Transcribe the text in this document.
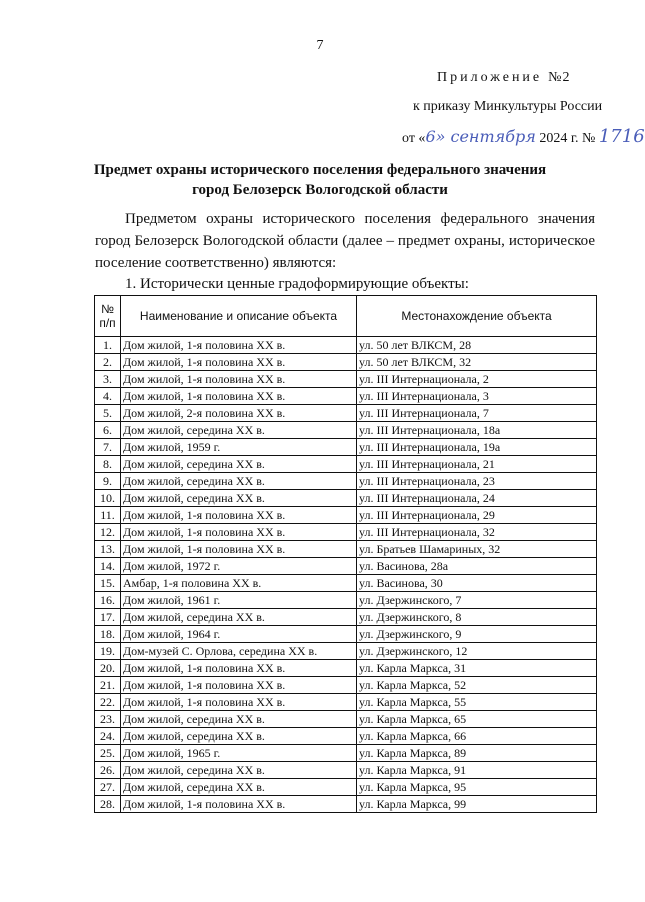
7
Приложение №2
к приказу Минкультуры России
от «6» сентября 2024 г. № 1716
Предмет охраны исторического поселения федерального значения
город Белозерск Вологодской области
Предметом охраны исторического поселения федерального значения город Белозерск Вологодской области (далее – предмет охраны, историческое поселение соответственно) являются:
1. Исторически ценные градоформирующие объекты:
№ п/п	Наименование и описание объекта	Местонахождение объекта
1.	Дом жилой, 1-я половина XX в.	ул. 50 лет ВЛКСМ, 28
2.	Дом жилой, 1-я половина XX в.	ул. 50 лет ВЛКСМ, 32
3.	Дом жилой, 1-я половина XX в.	ул. III Интернационала, 2
4.	Дом жилой, 1-я половина XX в.	ул. III Интернационала, 3
5.	Дом жилой, 2-я половина XX в.	ул. III Интернационала, 7
6.	Дом жилой, середина XX в.	ул. III Интернационала, 18а
7.	Дом жилой, 1959 г.	ул. III Интернационала, 19а
8.	Дом жилой, середина XX в.	ул. III Интернационала, 21
9.	Дом жилой, середина XX в.	ул. III Интернационала, 23
10.	Дом жилой, середина XX в.	ул. III Интернационала, 24
11.	Дом жилой, 1-я половина XX в.	ул. III Интернационала, 29
12.	Дом жилой, 1-я половина XX в.	ул. III Интернационала, 32
13.	Дом жилой, 1-я половина XX в.	ул. Братьев Шамариных, 32
14.	Дом жилой, 1972 г.	ул. Васинова, 28а
15.	Амбар, 1-я половина XX в.	ул. Васинова, 30
16.	Дом жилой, 1961 г.	ул. Дзержинского, 7
17.	Дом жилой, середина XX в.	ул. Дзержинского, 8
18.	Дом жилой, 1964 г.	ул. Дзержинского, 9
19.	Дом-музей С. Орлова, середина XX в.	ул. Дзержинского, 12
20.	Дом жилой, 1-я половина XX в.	ул. Карла Маркса, 31
21.	Дом жилой, 1-я половина XX в.	ул. Карла Маркса, 52
22.	Дом жилой, 1-я половина XX в.	ул. Карла Маркса, 55
23.	Дом жилой, середина XX в.	ул. Карла Маркса, 65
24.	Дом жилой, середина XX в.	ул. Карла Маркса, 66
25.	Дом жилой, 1965 г.	ул. Карла Маркса, 89
26.	Дом жилой, середина XX в.	ул. Карла Маркса, 91
27.	Дом жилой, середина XX в.	ул. Карла Маркса, 95
28.	Дом жилой, 1-я половина XX в.	ул. Карла Маркса, 99
